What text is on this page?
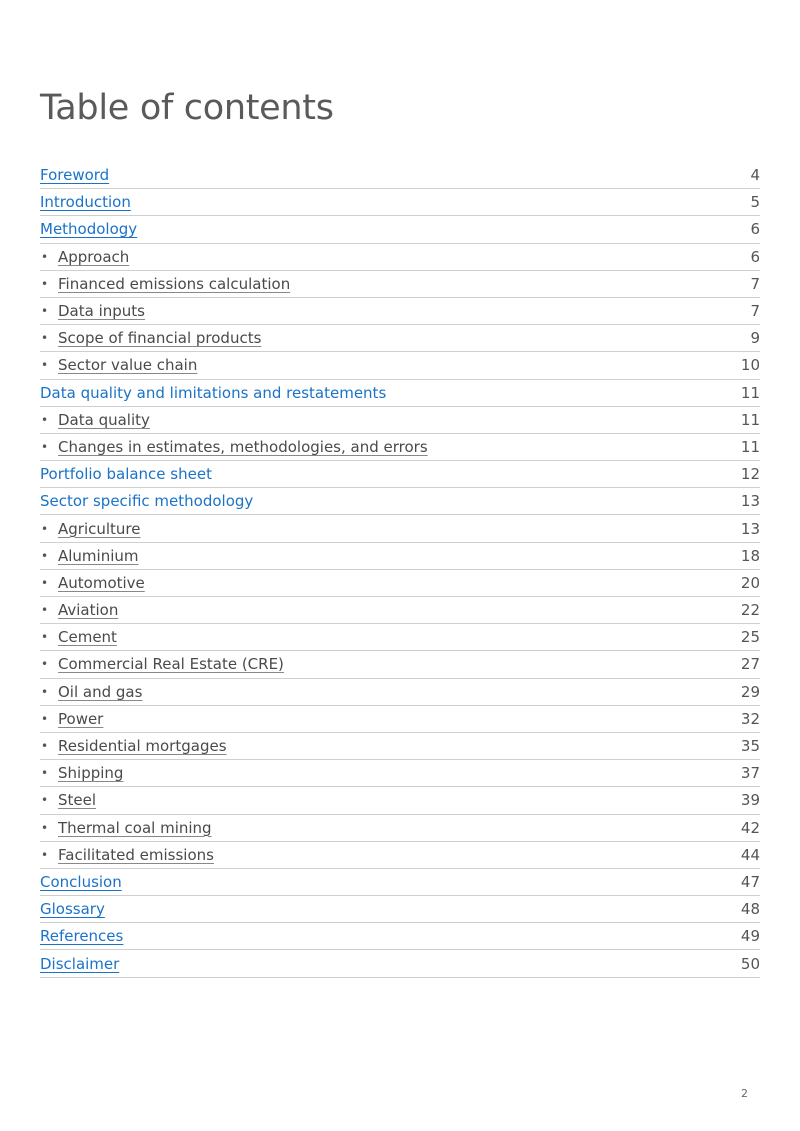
Table of contents
Foreword	4
Introduction	5
Methodology	6
• Approach	6
• Financed emissions calculation	7
• Data inputs	7
• Scope of financial products	9
• Sector value chain	10
Data quality and limitations and restatements	11
• Data quality	11
• Changes in estimates, methodologies, and errors	11
Portfolio balance sheet	12
Sector specific methodology	13
• Agriculture	13
• Aluminium	18
• Automotive	20
• Aviation	22
• Cement	25
• Commercial Real Estate (CRE)	27
• Oil and gas	29
• Power	32
• Residential mortgages	35
• Shipping	37
• Steel	39
• Thermal coal mining	42
• Facilitated emissions	44
Conclusion	47
Glossary	48
References	49
Disclaimer	50
2
